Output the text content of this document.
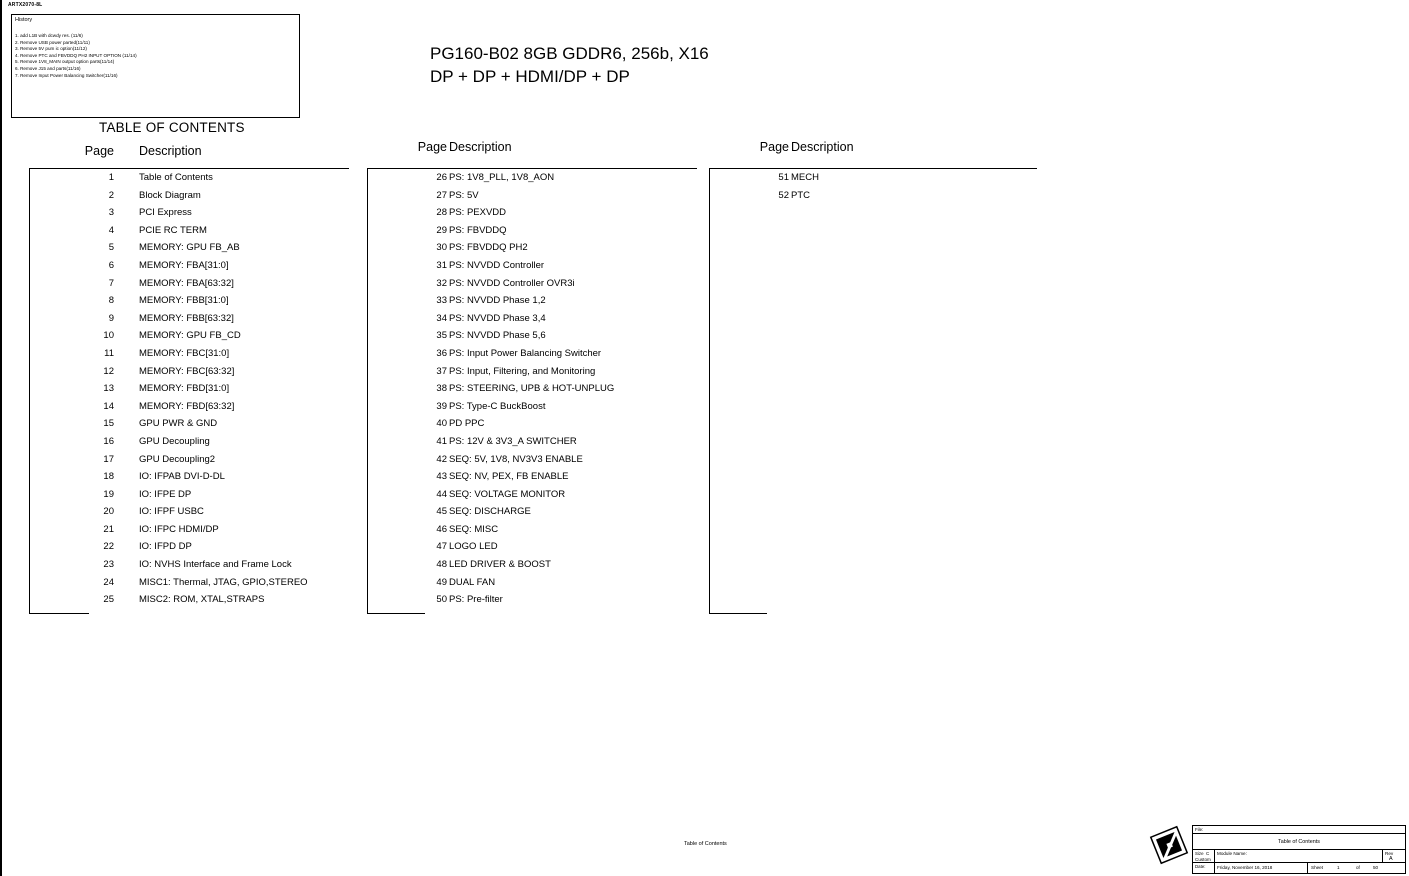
ARTX2070-8L
History
1. add L1B with dcwdy res. (11/6)
2. Remove USB power parted(11/11)
3. Remove 5V pum ic option(11/12)
4. Remove PTC and FBVDDQ PH2 INPUT OPTION (11/14)
5. Remove 1V8_MAIN output option parts(11/14)
6. Remove J15 and parts(11/16)
7. Remove Input Power Balancing Switcher(11/16)
PG160-B02 8GB GDDR6, 256b, X16
DP + DP + HDMI/DP + DP
TABLE OF CONTENTS
Page Description
1	Table of Contents
2	Block Diagram
3	PCI Express
4	PCIE RC TERM
5	MEMORY: GPU FB_AB
6	MEMORY: FBA[31:0]
7	MEMORY: FBA[63:32]
8	MEMORY: FBB[31:0]
9	MEMORY: FBB[63:32]
10	MEMORY: GPU FB_CD
11	MEMORY: FBC[31:0]
12	MEMORY: FBC[63:32]
13	MEMORY: FBD[31:0]
14	MEMORY: FBD[63:32]
15	GPU PWR & GND
16	GPU Decoupling
17	GPU Decoupling2
18	IO: IFPAB DVI-D-DL
19	IO: IFPE DP
20	IO: IFPF USBC
21	IO: IFPC HDMI/DP
22	IO: IFPD DP
23	IO: NVHS Interface and Frame Lock
24	MISC1: Thermal, JTAG, GPIO,STEREO
25	MISC2: ROM, XTAL,STRAPS
Page Description
26 PS: 1V8_PLL, 1V8_AON
27 PS: 5V
28 PS: PEXVDD
29 PS: FBVDDQ
30 PS: FBVDDQ PH2
31 PS: NVVDD Controller
32 PS: NVVDD Controller OVR3i
33 PS: NVVDD Phase 1,2
34 PS: NVVDD Phase 3,4
35 PS: NVVDD Phase 5,6
36 PS: Input Power Balancing Switcher
37 PS: Input, Filtering, and Monitoring
38 PS: STEERING, UPB & HOT-UNPLUG
39 PS: Type-C BuckBoost
40 PD PPC
41 PS: 12V & 3V3_A SWITCHER
42 SEQ: 5V, 1V8, NV3V3 ENABLE
43 SEQ: NV, PEX, FB ENABLE
44 SEQ: VOLTAGE MONITOR
45 SEQ: DISCHARGE
46 SEQ: MISC
47 LOGO LED
48 LED DRIVER & BOOST
49 DUAL FAN
50 PS: Pre-filter
Page Description
51 MECH
52 PTC
Table of Contents
File:
Table of Contents
Size C
Custom
Module Name:	Rev
A
Date:	Friday, November 16, 2018	Sheet	1	of	50
